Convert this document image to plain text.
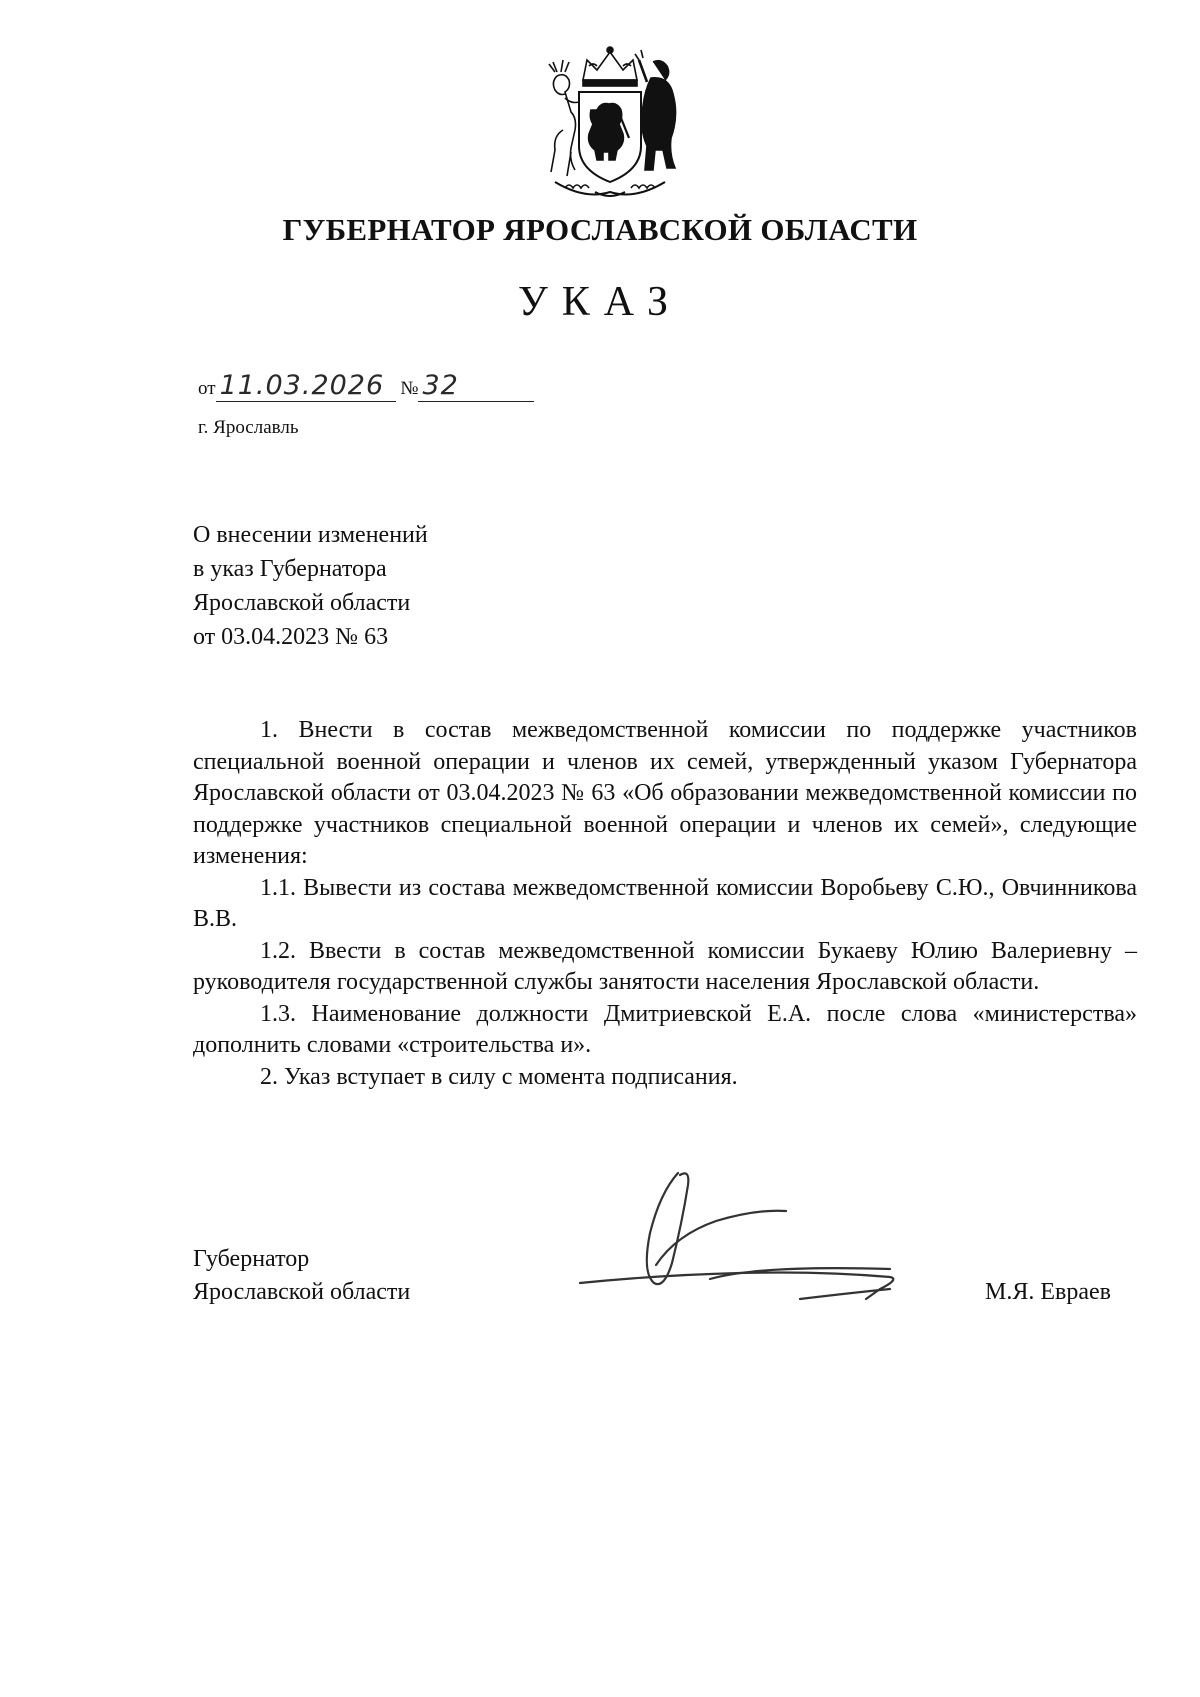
ГУБЕРНАТОР ЯРОСЛАВСКОЙ ОБЛАСТИ
УКАЗ
от 11.03.2026 № 32
г. Ярославль
О внесении изменений
в указ Губернатора
Ярославской области
от 03.04.2023 № 63

1. Внести в состав межведомственной комиссии по поддержке участников специальной военной операции и членов их семей, утвержденный указом Губернатора Ярославской области от 03.04.2023 № 63 «Об образовании межведомственной комиссии по поддержке участников специальной военной операции и членов их семей», следующие изменения:

1.1. Вывести из состава межведомственной комиссии Воробьеву С.Ю., Овчинникова В.В.

1.2. Ввести в состав межведомственной комиссии Букаеву Юлию Валериевну – руководителя государственной службы занятости населения Ярославской области.

1.3. Наименование должности Дмитриевской Е.А. после слова «министерства» дополнить словами «строительства и».

2. Указ вступает в силу с момента подписания.

Губернатор
Ярославской области	М.Я. Евраев
